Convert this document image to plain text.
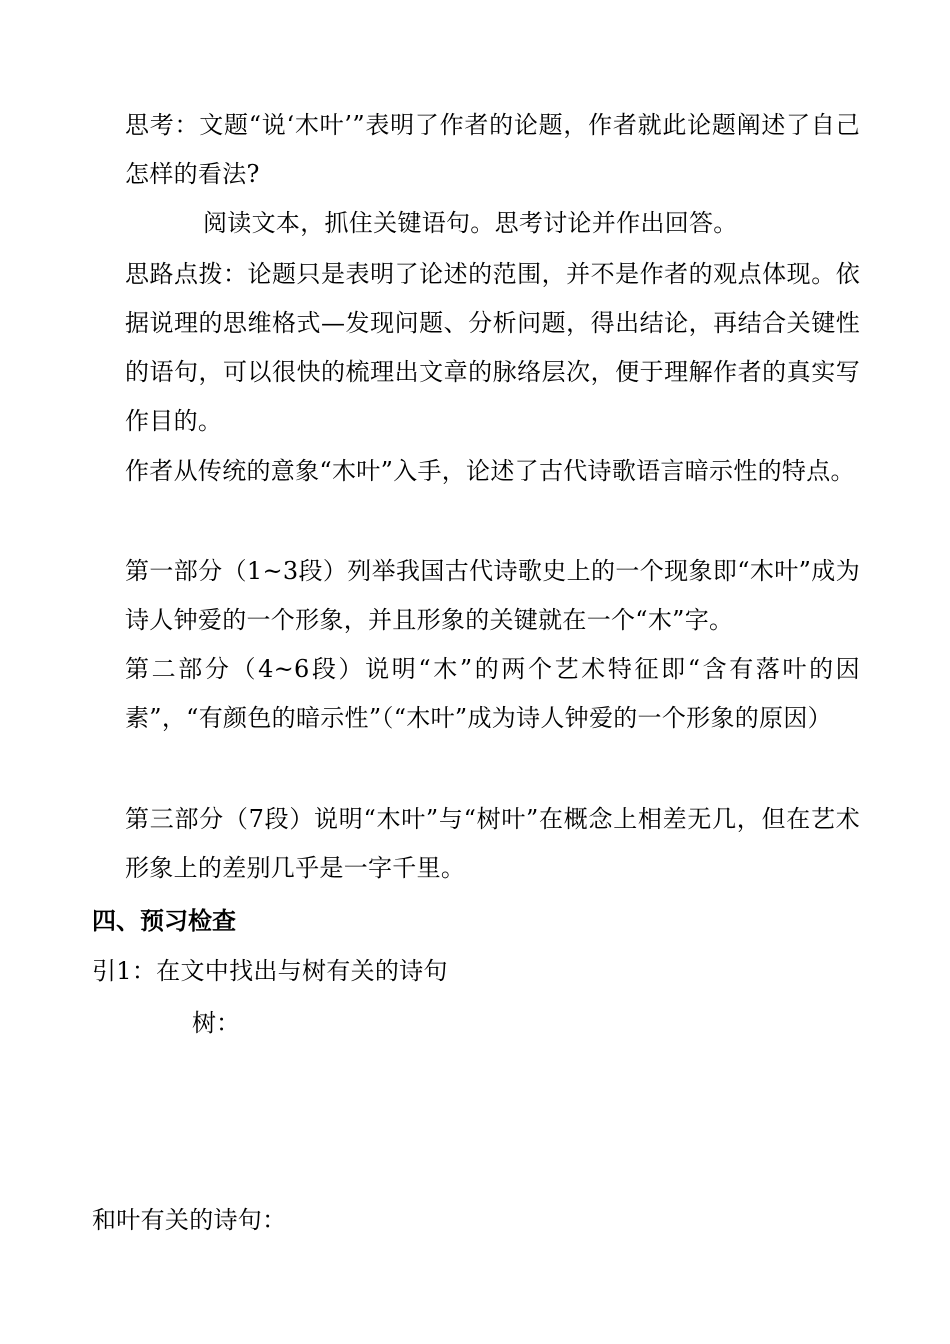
思考：文题“说‘木叶’”表明了作者的论题，作者就此论题阐述了自己怎样的看法?
阅读文本，抓住关键语句。思考讨论并作出回答。
思路点拨：论题只是表明了论述的范围，并不是作者的观点体现。依据说理的思维格式—发现问题、分析问题，得出结论，再结合关键性的语句，可以很快的梳理出文章的脉络层次，便于理解作者的真实写作目的。
作者从传统的意象“木叶”入手，论述了古代诗歌语言暗示性的特点。
第一部分（1~3段）列举我国古代诗歌史上的一个现象即“木叶”成为诗人钟爱的一个形象，并且形象的关键就在一个“木”字。
第二部分（4~6段）说明“木”的两个艺术特征即“含有落叶的因素”，“有颜色的暗示性”（“木叶”成为诗人钟爱的一个形象的原因）
第三部分（7段）说明“木叶”与“树叶”在概念上相差无几，但在艺术形象上的差别几乎是一字千里。
四、预习检查
引1：在文中找出与树有关的诗句
树：
和叶有关的诗句：
